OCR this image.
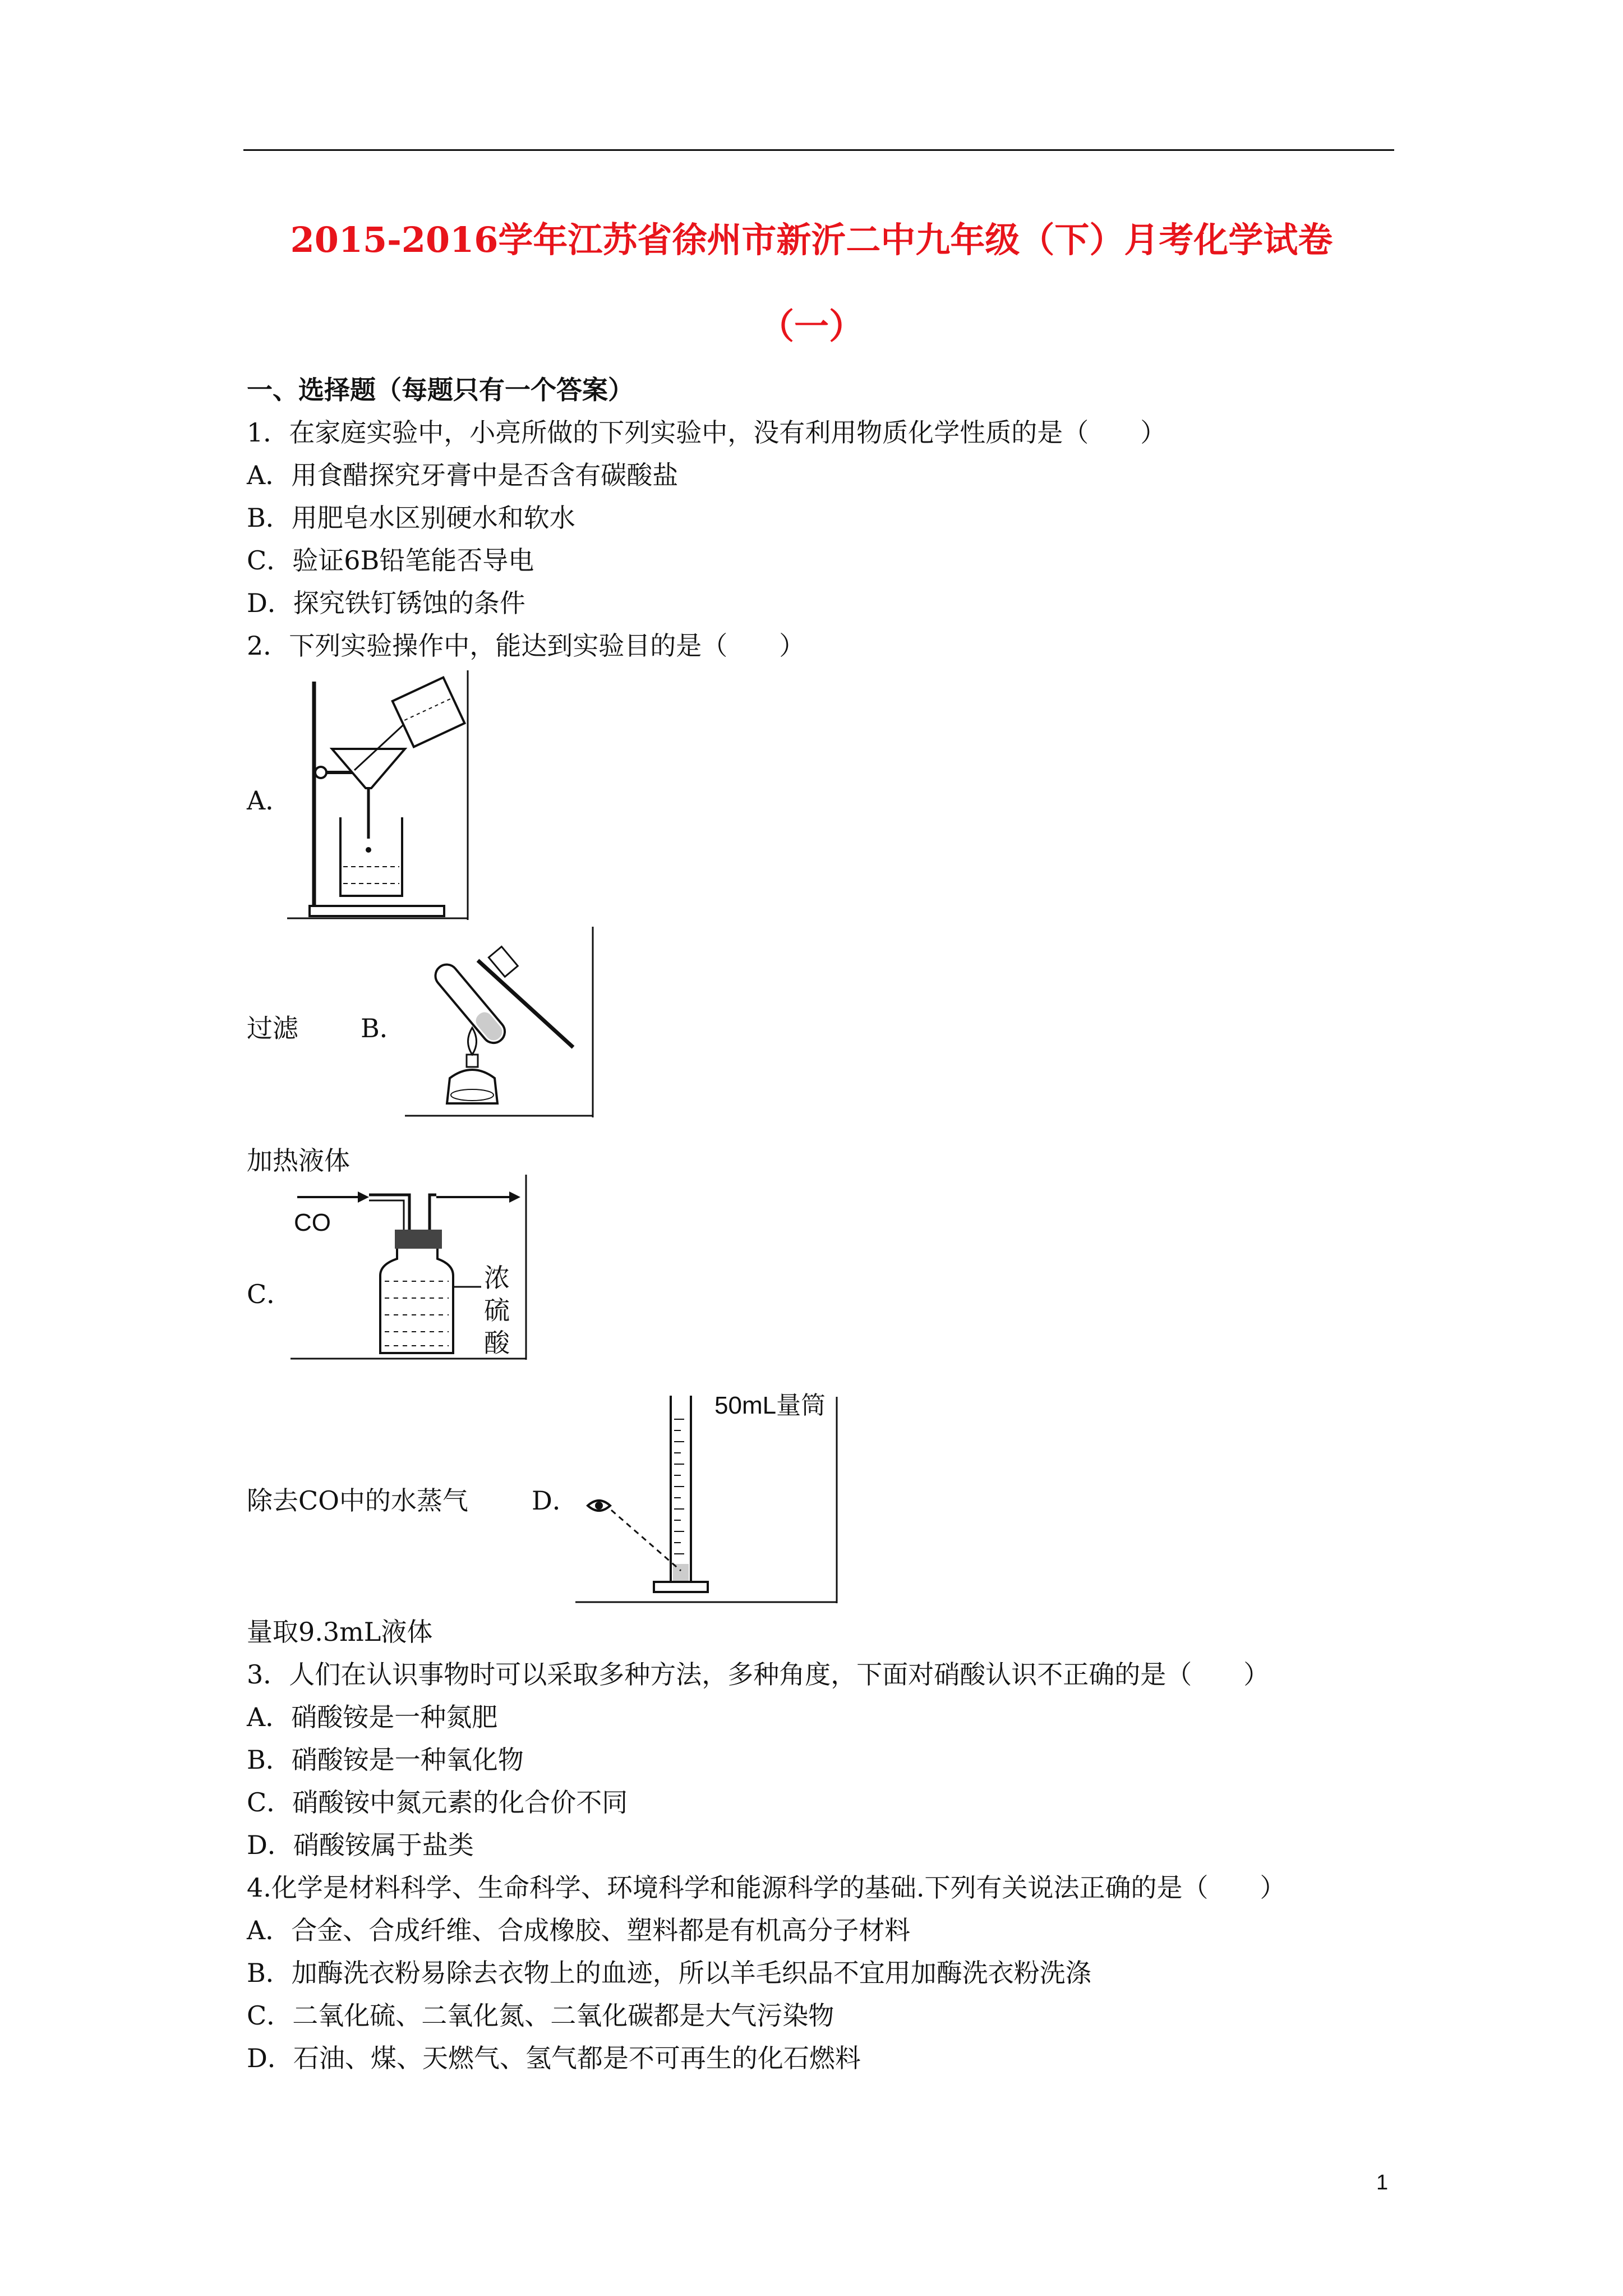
2015-2016学年江苏省徐州市新沂二中九年级（下）月考化学试卷
（一）
一、选择题（每题只有一个答案）
1．在家庭实验中，小亮所做的下列实验中，没有利用物质化学性质的是（　　）
A．用食醋探究牙膏中是否含有碳酸盐
B．用肥皂水区别硬水和软水
C．验证6B铅笔能否导电
D．探究铁钉锈蚀的条件
2．下列实验操作中，能达到实验目的是（　　）
A．
过滤 B．
加热液体
C．
CO
浓
硫
酸
除去CO中的水蒸气 D．
50mL量筒
量取9.3mL液体
3．人们在认识事物时可以采取多种方法，多种角度，下面对硝酸认识不正确的是（　　）
A．硝酸铵是一种氮肥
B．硝酸铵是一种氧化物
C．硝酸铵中氮元素的化合价不同
D．硝酸铵属于盐类
4.化学是材料科学、生命科学、环境科学和能源科学的基础.下列有关说法正确的是（　　）
A．合金、合成纤维、合成橡胶、塑料都是有机高分子材料
B．加酶洗衣粉易除去衣物上的血迹，所以羊毛织品不宜用加酶洗衣粉洗涤
C．二氧化硫、二氧化氮、二氧化碳都是大气污染物
D．石油、煤、天燃气、氢气都是不可再生的化石燃料
1
